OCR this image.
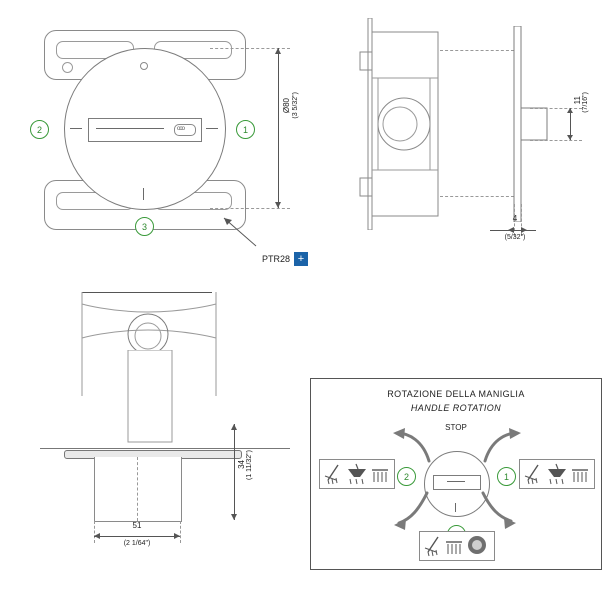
ooo
2	1
3
Ø80 (3 5/32")
PTR28 +
11 (7/16")
4
(5/32")
34 (1 11/32")
51
(2 1/64")
ROTAZIONE DELLA MANIGLIA
HANDLE ROTATION
STOP
2	1
